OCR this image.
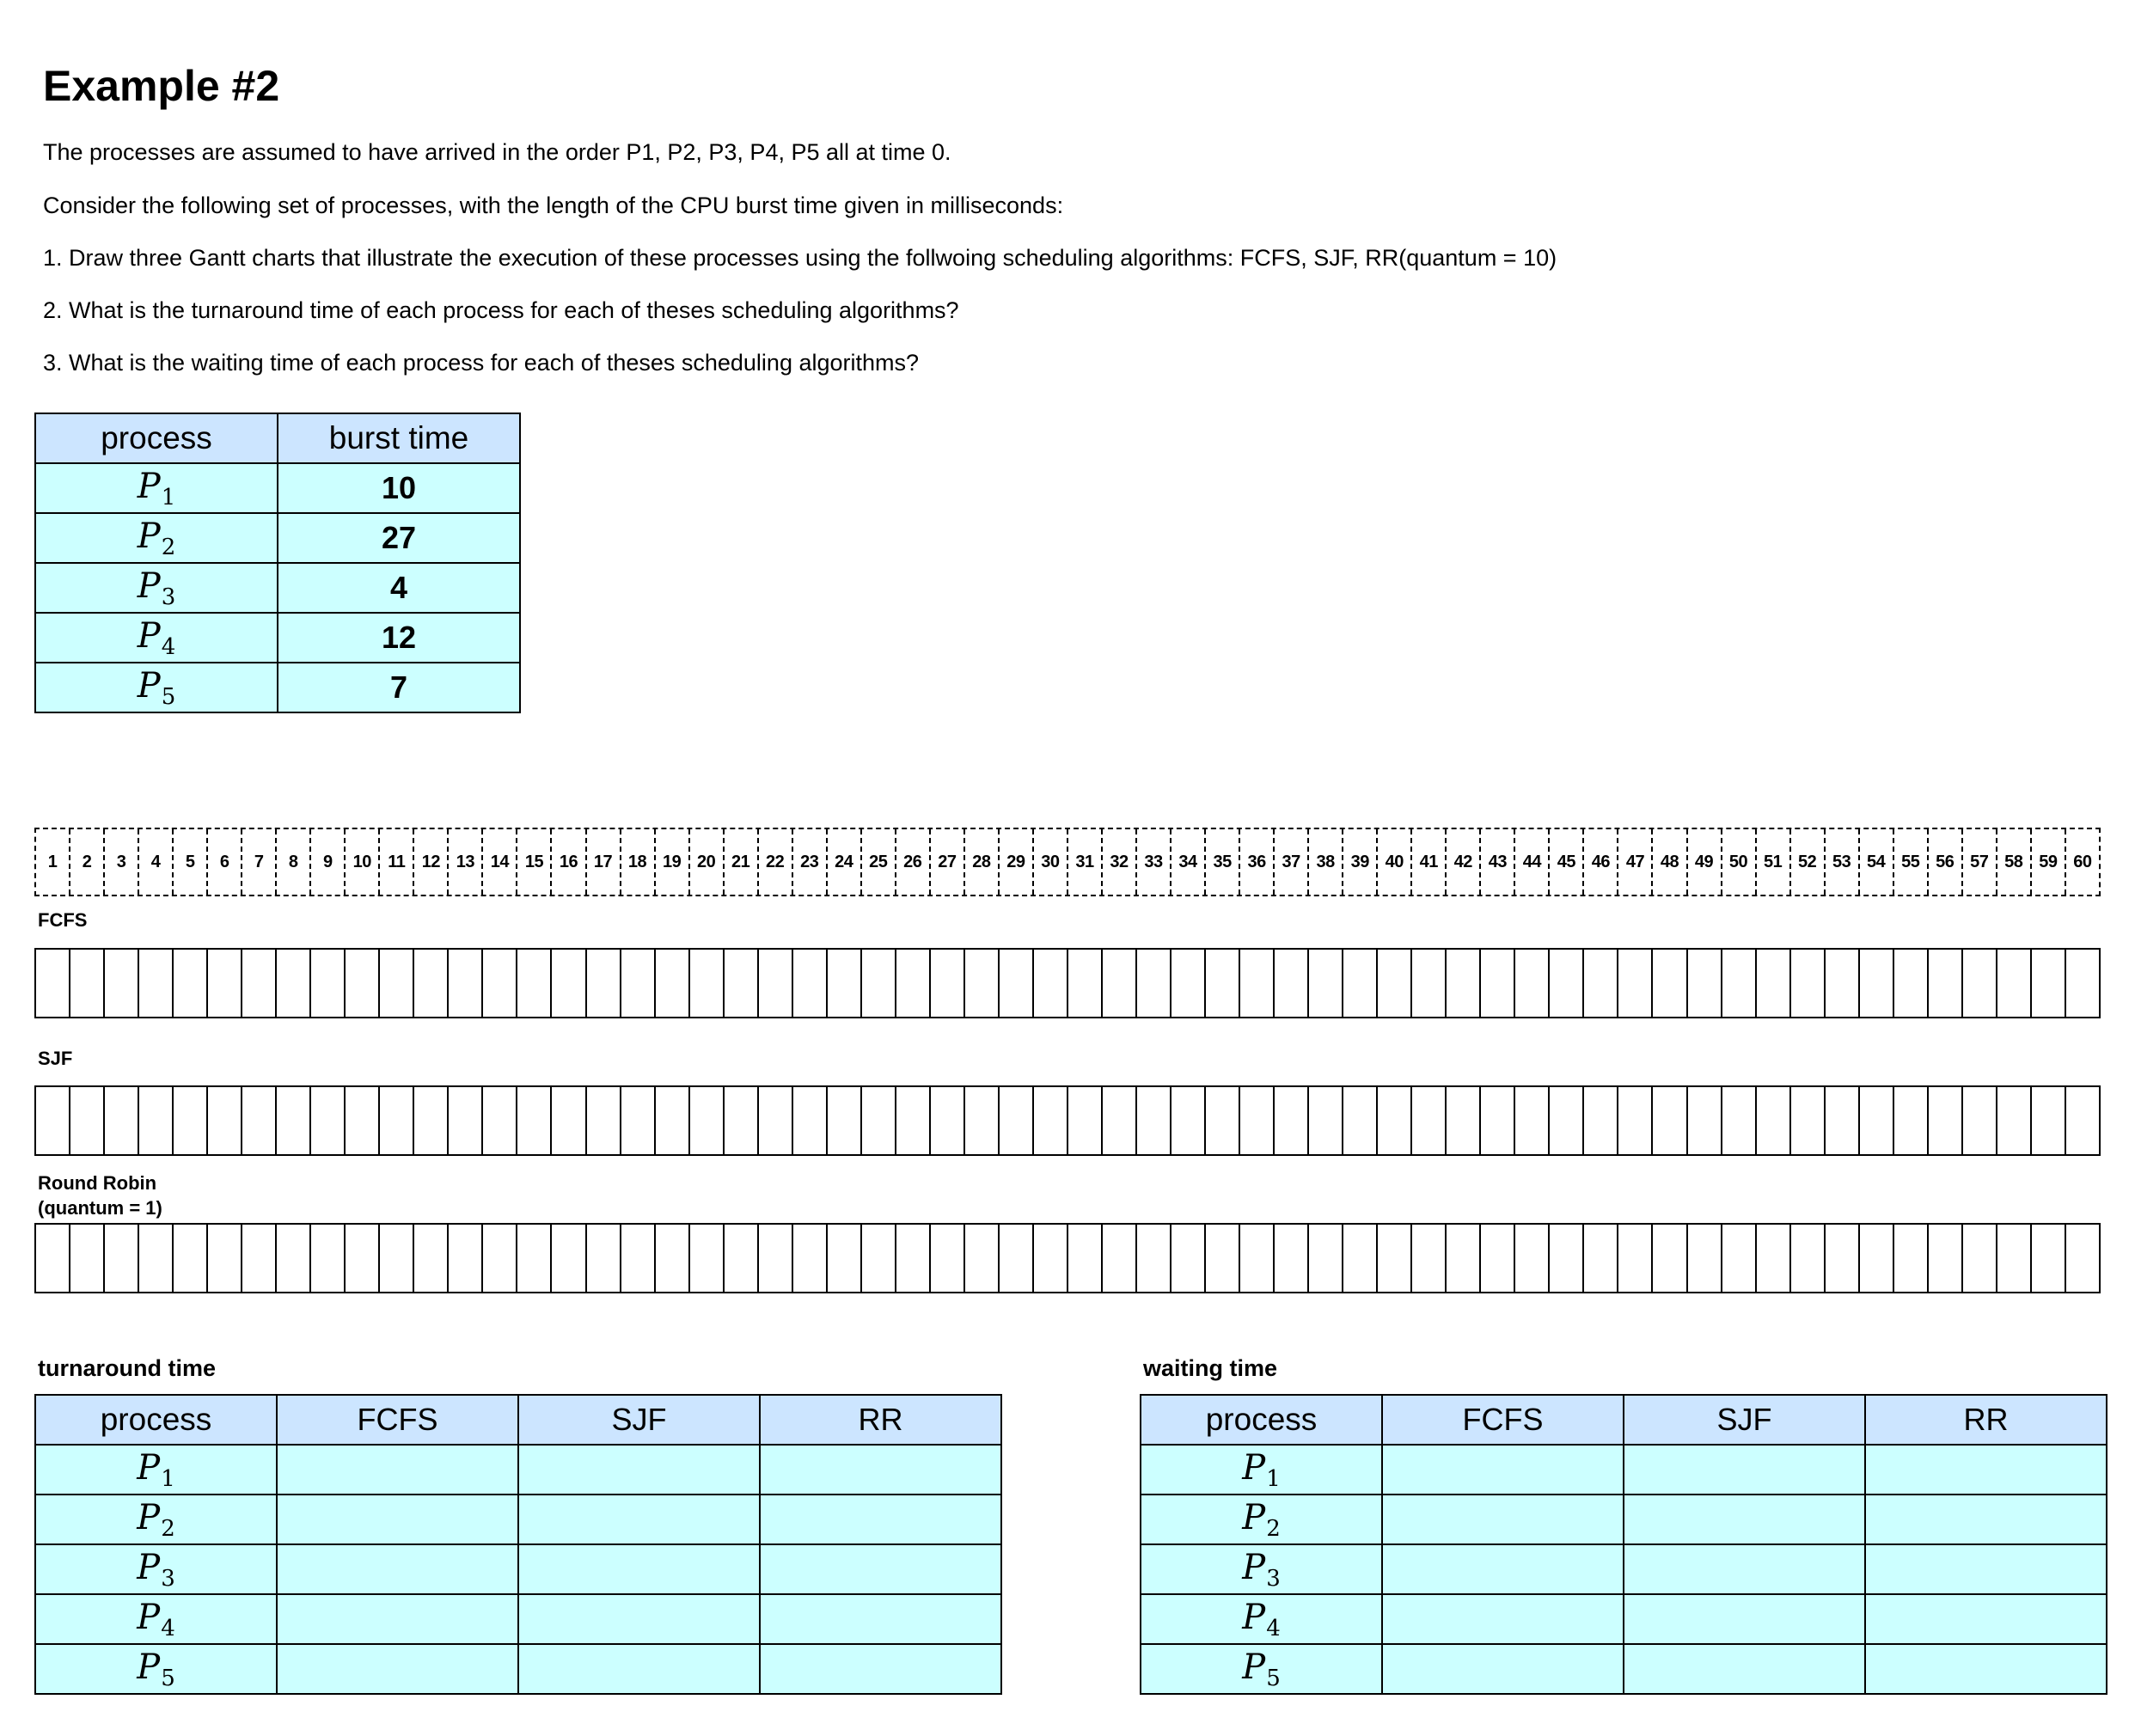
Example #2

The processes are assumed to have arrived in the order P1, P2, P3, P4, P5 all at time 0.

Consider the following set of processes, with the length of the CPU burst time given in milliseconds:

1. Draw three Gantt charts that illustrate the execution of these processes using the follwoing scheduling algorithms: FCFS, SJF, RR(quantum = 10)

2. What is the turnaround time of each process for each of theses scheduling algorithms?

3. What is the waiting time of each process for each of theses scheduling algorithms?

process	burst time
$P_1$	10
$P_2$	27
$P_3$	4
$P_4$	12
$P_5$	7
1	2	3	4	5	6	7	8	9	10 11 12 13 14 15 16 17 18 19 20 21 22 23 24 25 26 27 28 29 30 31 32 33 34 35 36 37 38 39 40 41 42 43 44 45 46 47 48 49 50 51 52 53 54 55 56 57 58 59 60

FCFS

SJF

Round Robin

(quantum = 1)

turnaround time

process	FCFS	SJF	RR
$P_1$			
$P_2$			
$P_3$			
$P_4$			
$P_5$			

waiting time

process	FCFS	SJF	RR
$P_1$			
$P_2$			
$P_3$			
$P_4$			
$P_5$			
